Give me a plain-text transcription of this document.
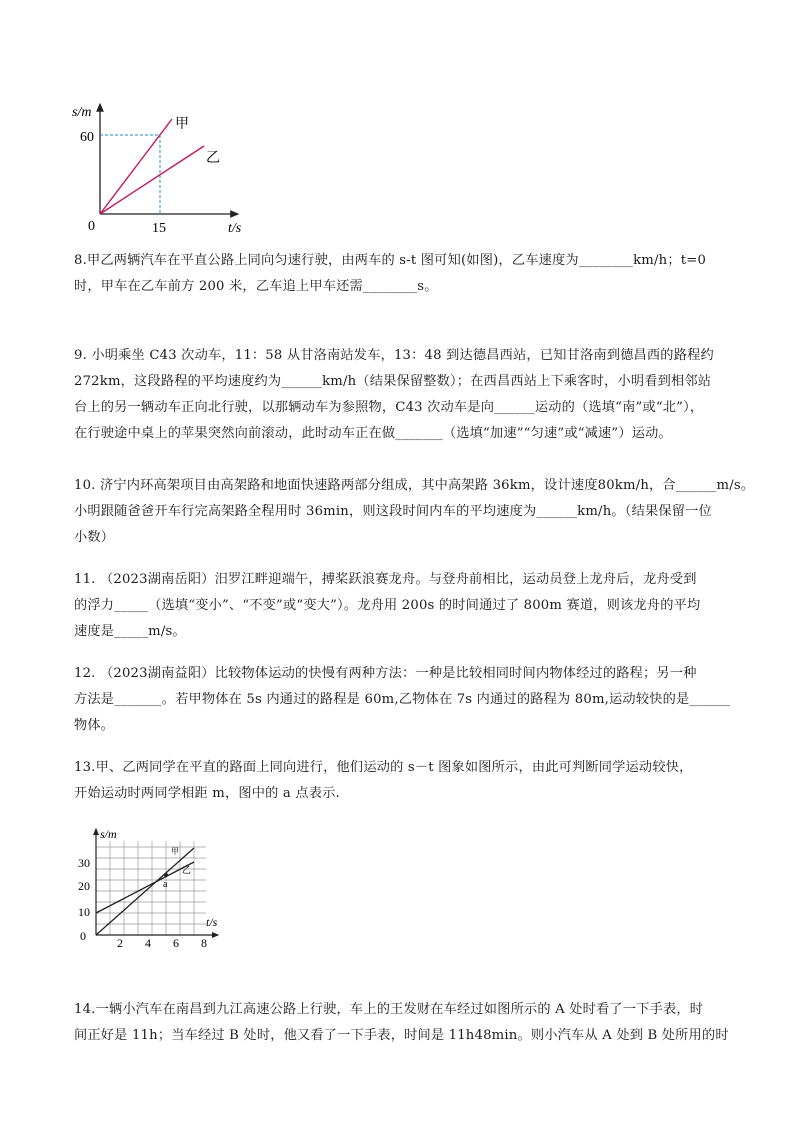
s/m
t/s
0
60
15
甲
乙

8.甲乙两辆汽车在平直公路上同向匀速行驶，由两车的 s-t 图可知(如图)，乙车速度为________km/h；t=0

时，甲车在乙车前方 200 米，乙车追上甲车还需________s。

9. 小明乘坐 C43 次动车，11：58 从甘洛南站发车，13：48 到达德昌西站，已知甘洛南到德昌西的路程约

272km，这段路程的平均速度约为______km/h（结果保留整数）；在西昌西站上下乘客时，小明看到相邻站

台上的另一辆动车正向北行驶，以那辆动车为参照物，C43 次动车是向______运动的（选填“南”或“北”），

在行驶途中桌上的苹果突然向前滚动，此时动车正在做_______（选填“加速”“匀速”或“减速”）运动。

10. 济宁内环高架项目由高架路和地面快速路两部分组成，其中高架路 36km，设计速度80km/h，合______m/s。

小明跟随爸爸开车行完高架路全程用时 36min，则这段时间内车的平均速度为______km/h。（结果保留一位

小数）

11. （2023湖南岳阳）汨罗江畔迎端午，搏桨跃浪赛龙舟。与登舟前相比，运动员登上龙舟后，龙舟受到

的浮力_____（选填“变小”、“不变”或“变大”）。龙舟用 200s 的时间通过了 800m 赛道，则该龙舟的平均

速度是_____m/s。

12. （2023湖南益阳）比较物体运动的快慢有两种方法：一种是比较相同时间内物体经过的路程；另一种

方法是_______。若甲物体在 5s 内通过的路程是 60m,乙物体在 7s 内通过的路程为 80m,运动较快的是______

物体。

13.甲、乙两同学在平直的路面上同向进行，他们运动的 s－t 图象如图所示，由此可判断同学运动较快，

开始运动时两同学相距 m，图中的 a 点表示.

s/m
t/s
30
20
10
0	2 4 6 8
甲
乙
a

14.一辆小汽车在南昌到九江高速公路上行驶，车上的王发财在车经过如图所示的 A 处时看了一下手表，时

间正好是 11h；当车经过 B 处时，他又看了一下手表，时间是 11h48min。则小汽车从 A 处到 B 处所用的时
